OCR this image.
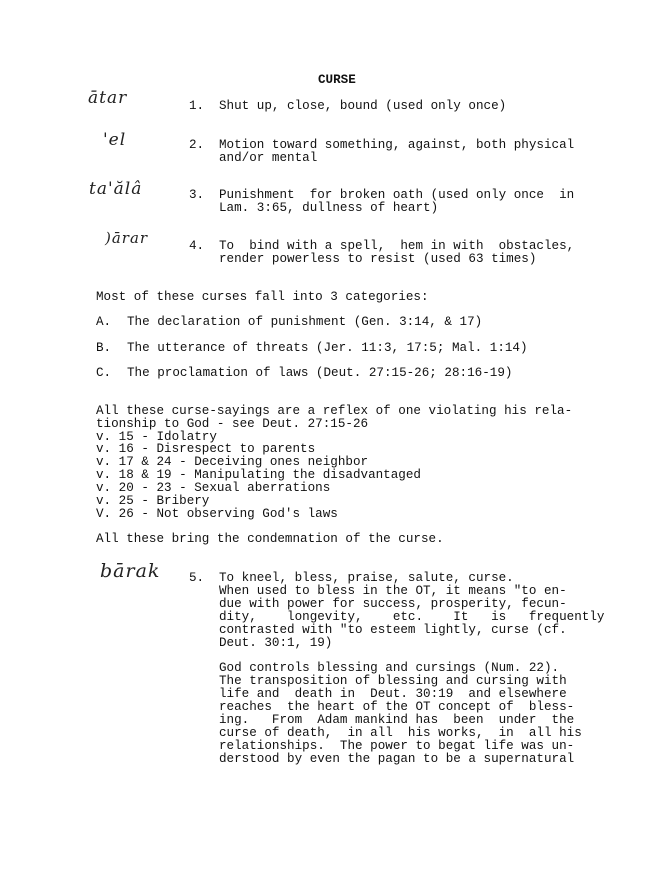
CURSE
ātar	1. Shut up, close, bound (used only once)
'el	2. Motion toward something, against, both physical
and/or mental
ta'ălâ	3. Punishment  for broken oath (used only once  in
Lam. 3:65, dullness of heart)
)ārar	4. To  bind with a spell,  hem in with  obstacles,
render powerless to resist (used 63 times)
Most of these curses fall into 3 categories:
A. The declaration of punishment (Gen. 3:14, & 17)
B. The utterance of threats (Jer. 11:3, 17:5; Mal. 1:14)
C. The proclamation of laws (Deut. 27:15-26; 28:16-19)
All these curse-sayings are a reflex of one violating his rela-
tionship to God - see Deut. 27:15-26
v. 15 - Idolatry
v. 16 - Disrespect to parents
v. 17 & 24 - Deceiving ones neighbor
v. 18 & 19 - Manipulating the disadvantaged
v. 20 - 23 - Sexual aberrations
v. 25 - Bribery
V. 26 - Not observing God's laws
All these bring the condemnation of the curse.
bārak 5. To kneel, bless, praise, salute, curse.
When used to bless in the OT, it means "to en-
due with power for success, prosperity, fecun-
dity,    longevity,    etc.    It   is   frequently
contrasted with "to esteem lightly, curse (cf.
Deut. 30:1, 19)
God controls blessing and cursings (Num. 22).
The transposition of blessing and cursing with
life and  death in  Deut. 30:19  and elsewhere
reaches  the heart of the OT concept of  bless-
ing.   From  Adam mankind has  been  under  the
curse of death,  in all  his works,  in  all his
relationships.  The power to begat life was un-
derstood by even the pagan to be a supernatural
